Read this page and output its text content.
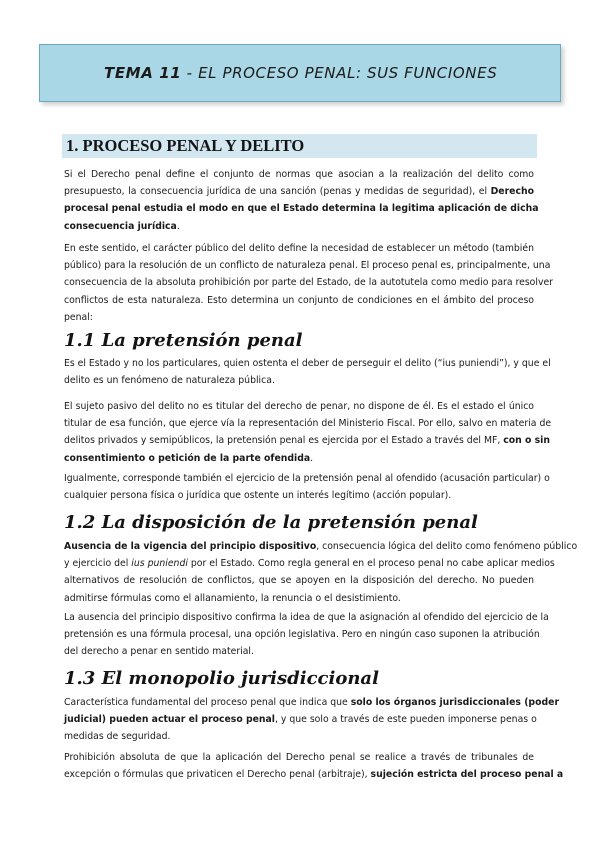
TEMA 11 - EL PROCESO PENAL: SUS FUNCIONES
1. PROCESO PENAL Y DELITO
Si el Derecho penal define el conjunto de normas que asocian a la realización del delito como
presupuesto, la consecuencia jurídica de una sanción (penas y medidas de seguridad), el Derecho
procesal penal estudia el modo en que el Estado determina la legitima aplicación de dicha
consecuencia jurídica.
En este sentido, el carácter público del delito define la necesidad de establecer un método (también
público) para la resolución de un conflicto de naturaleza penal. El proceso penal es, principalmente, una
consecuencia de la absoluta prohibición por parte del Estado, de la autotutela como medio para resolver
conflictos de esta naturaleza. Esto determina un conjunto de condiciones en el ámbito del proceso
penal:
1.1 La pretensión penal
Es el Estado y no los particulares, quien ostenta el deber de perseguir el delito (“ius puniendi”), y que el
delito es un fenómeno de naturaleza pública.
El sujeto pasivo del delito no es titular del derecho de penar, no dispone de él. Es el estado el único
titular de esa función, que ejerce vía la representación del Ministerio Fiscal. Por ello, salvo en materia de
delitos privados y semipúblicos, la pretensión penal es ejercida por el Estado a través del MF, con o sin
consentimiento o petición de la parte ofendida.
Igualmente, corresponde también el ejercicio de la pretensión penal al ofendido (acusación particular) o
cualquier persona física o jurídica que ostente un interés legítimo (acción popular).
1.2 La disposición de la pretensión penal
Ausencia de la vigencia del principio dispositivo, consecuencia lógica del delito como fenómeno público
y ejercicio del ius puniendi por el Estado. Como regla general en el proceso penal no cabe aplicar medios
alternativos de resolución de conflictos, que se apoyen en la disposición del derecho. No pueden
admitirse fórmulas como el allanamiento, la renuncia o el desistimiento.
La ausencia del principio dispositivo confirma la idea de que la asignación al ofendido del ejercicio de la
pretensión es una fórmula procesal, una opción legislativa. Pero en ningún caso suponen la atribución
del derecho a penar en sentido material.
1.3 El monopolio jurisdiccional
Característica fundamental del proceso penal que indica que solo los órganos jurisdiccionales (poder
judicial) pueden actuar el proceso penal, y que solo a través de este pueden imponerse penas o
medidas de seguridad.
Prohibición absoluta de que la aplicación del Derecho penal se realice a través de tribunales de
excepción o fórmulas que privaticen el Derecho penal (arbitraje), sujeción estricta del proceso penal a
